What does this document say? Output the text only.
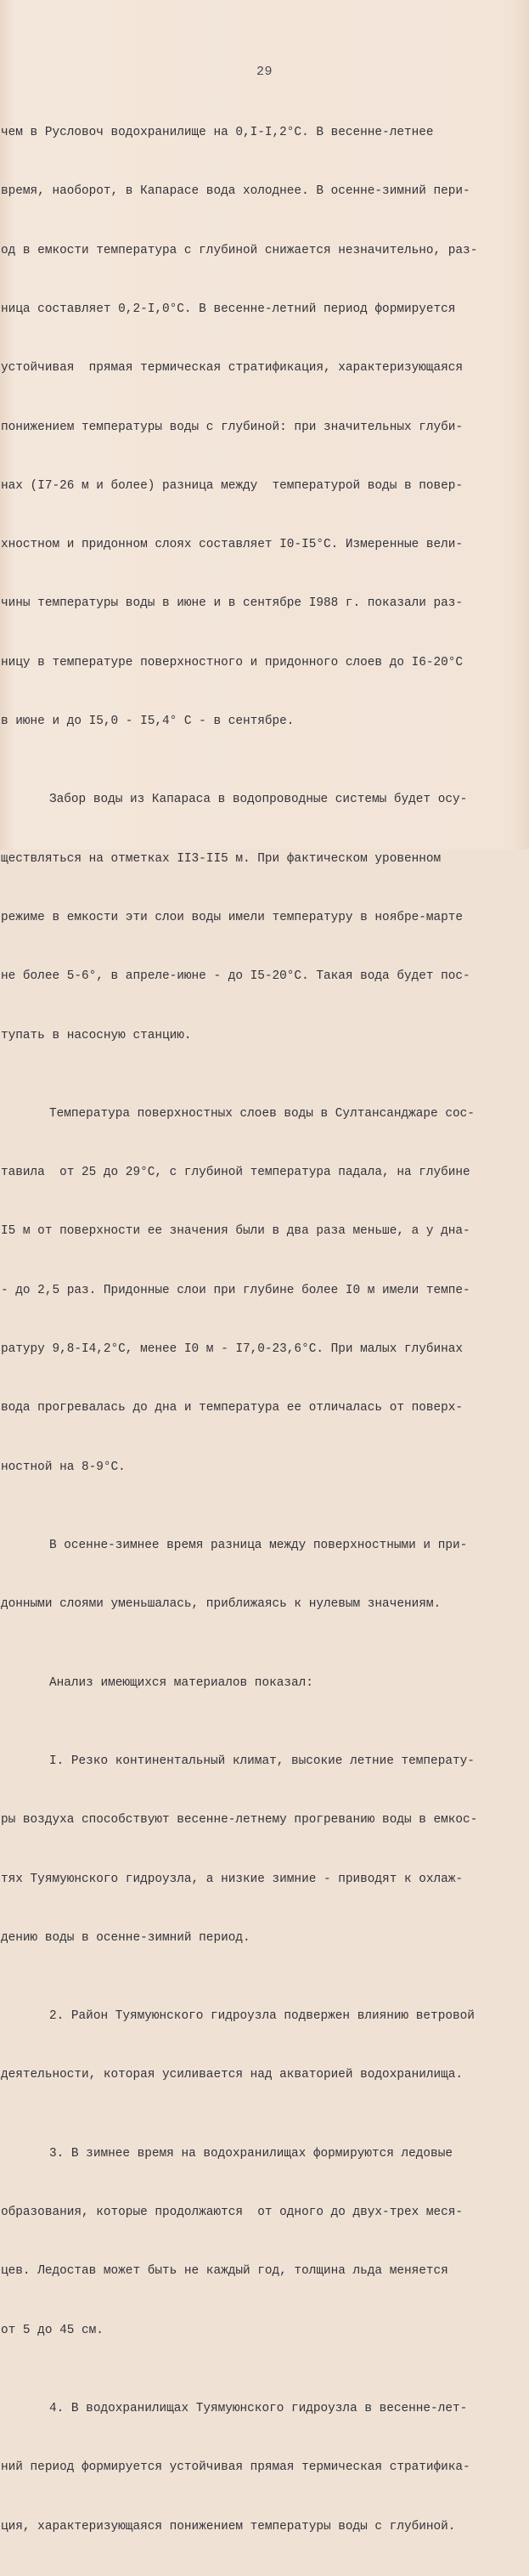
29

чем в Русловоч водохранилище на 0,I-I,2°С. В весенне-летнее

время, наоборот, в Капарасе вода холоднее. В осенне-зимний пери-

од в емкости температура с глубиной снижается незначительно, раз-

ница составляет 0,2-I,0°С. В весенне-летний период формируется

устойчивая  прямая термическая стратификация, характеризующаяся

понижением температуры воды с глубиной: при значительных глуби-

нах (I7-26 м и более) разница между  температурой воды в повер-

хностном и придонном слоях составляет I0-I5°С. Измеренные вели-

чины температуры воды в июне и в сентябре I988 г. показали раз-

ницу в температуре поверхностного и придонного слоев до I6-20°С

в июне и до I5,0 - I5,4° С - в сентябре.

Забор воды из Капараса в водопроводные системы будет осу-

ществляться на отметках II3-II5 м. При фактическом уровенном

режиме в емкости эти слои воды имели температуру в ноябре-марте

не более 5-6°, в апреле-июне - до I5-20°С. Такая вода будет пос-

тупать в насосную станцию.

Температура поверхностных слоев воды в Султансанджаре сос-

тавила  от 25 до 29°С, с глубиной температура падала, на глубине

I5 м от поверхности ее значения были в два раза меньше, а у дна-

- до 2,5 раз. Придонные слои при глубине более I0 м имели темпе-

ратуру 9,8-I4,2°С, менее I0 м - I7,0-23,6°С. При малых глубинах

вода прогревалась до дна и температура ее отличалась от поверх-

ностной на 8-9°С.

В осенне-зимнее время разница между поверхностными и при-

донными слоями уменьшалась, приближаясь к нулевым значениям.

Анализ имеющихся материалов показал:

I. Резко континентальный климат, высокие летние температу-

ры воздуха способствуют весенне-летнему прогреванию воды в емкос-

тях Туямуюнского гидроузла, а низкие зимние - приводят к охлаж-

дению воды в осенне-зимний период.

2. Район Туямуюнского гидроузла подвержен влиянию ветровой

деятельности, которая усиливается над акваторией водохранилища.

3. В зимнее время на водохранилищах формируются ледовые

образования, которые продолжаются  от одного до двух-трех меся-

цев. Ледостав может быть не каждый год, толщина льда меняется

от 5 до 45 см.

4. В водохранилищах Туямуюнского гидроузла в весенне-лет-

ний период формируется устойчивая прямая термическая стратифика-

ция, характеризующаяся понижением температуры воды с глубиной.
